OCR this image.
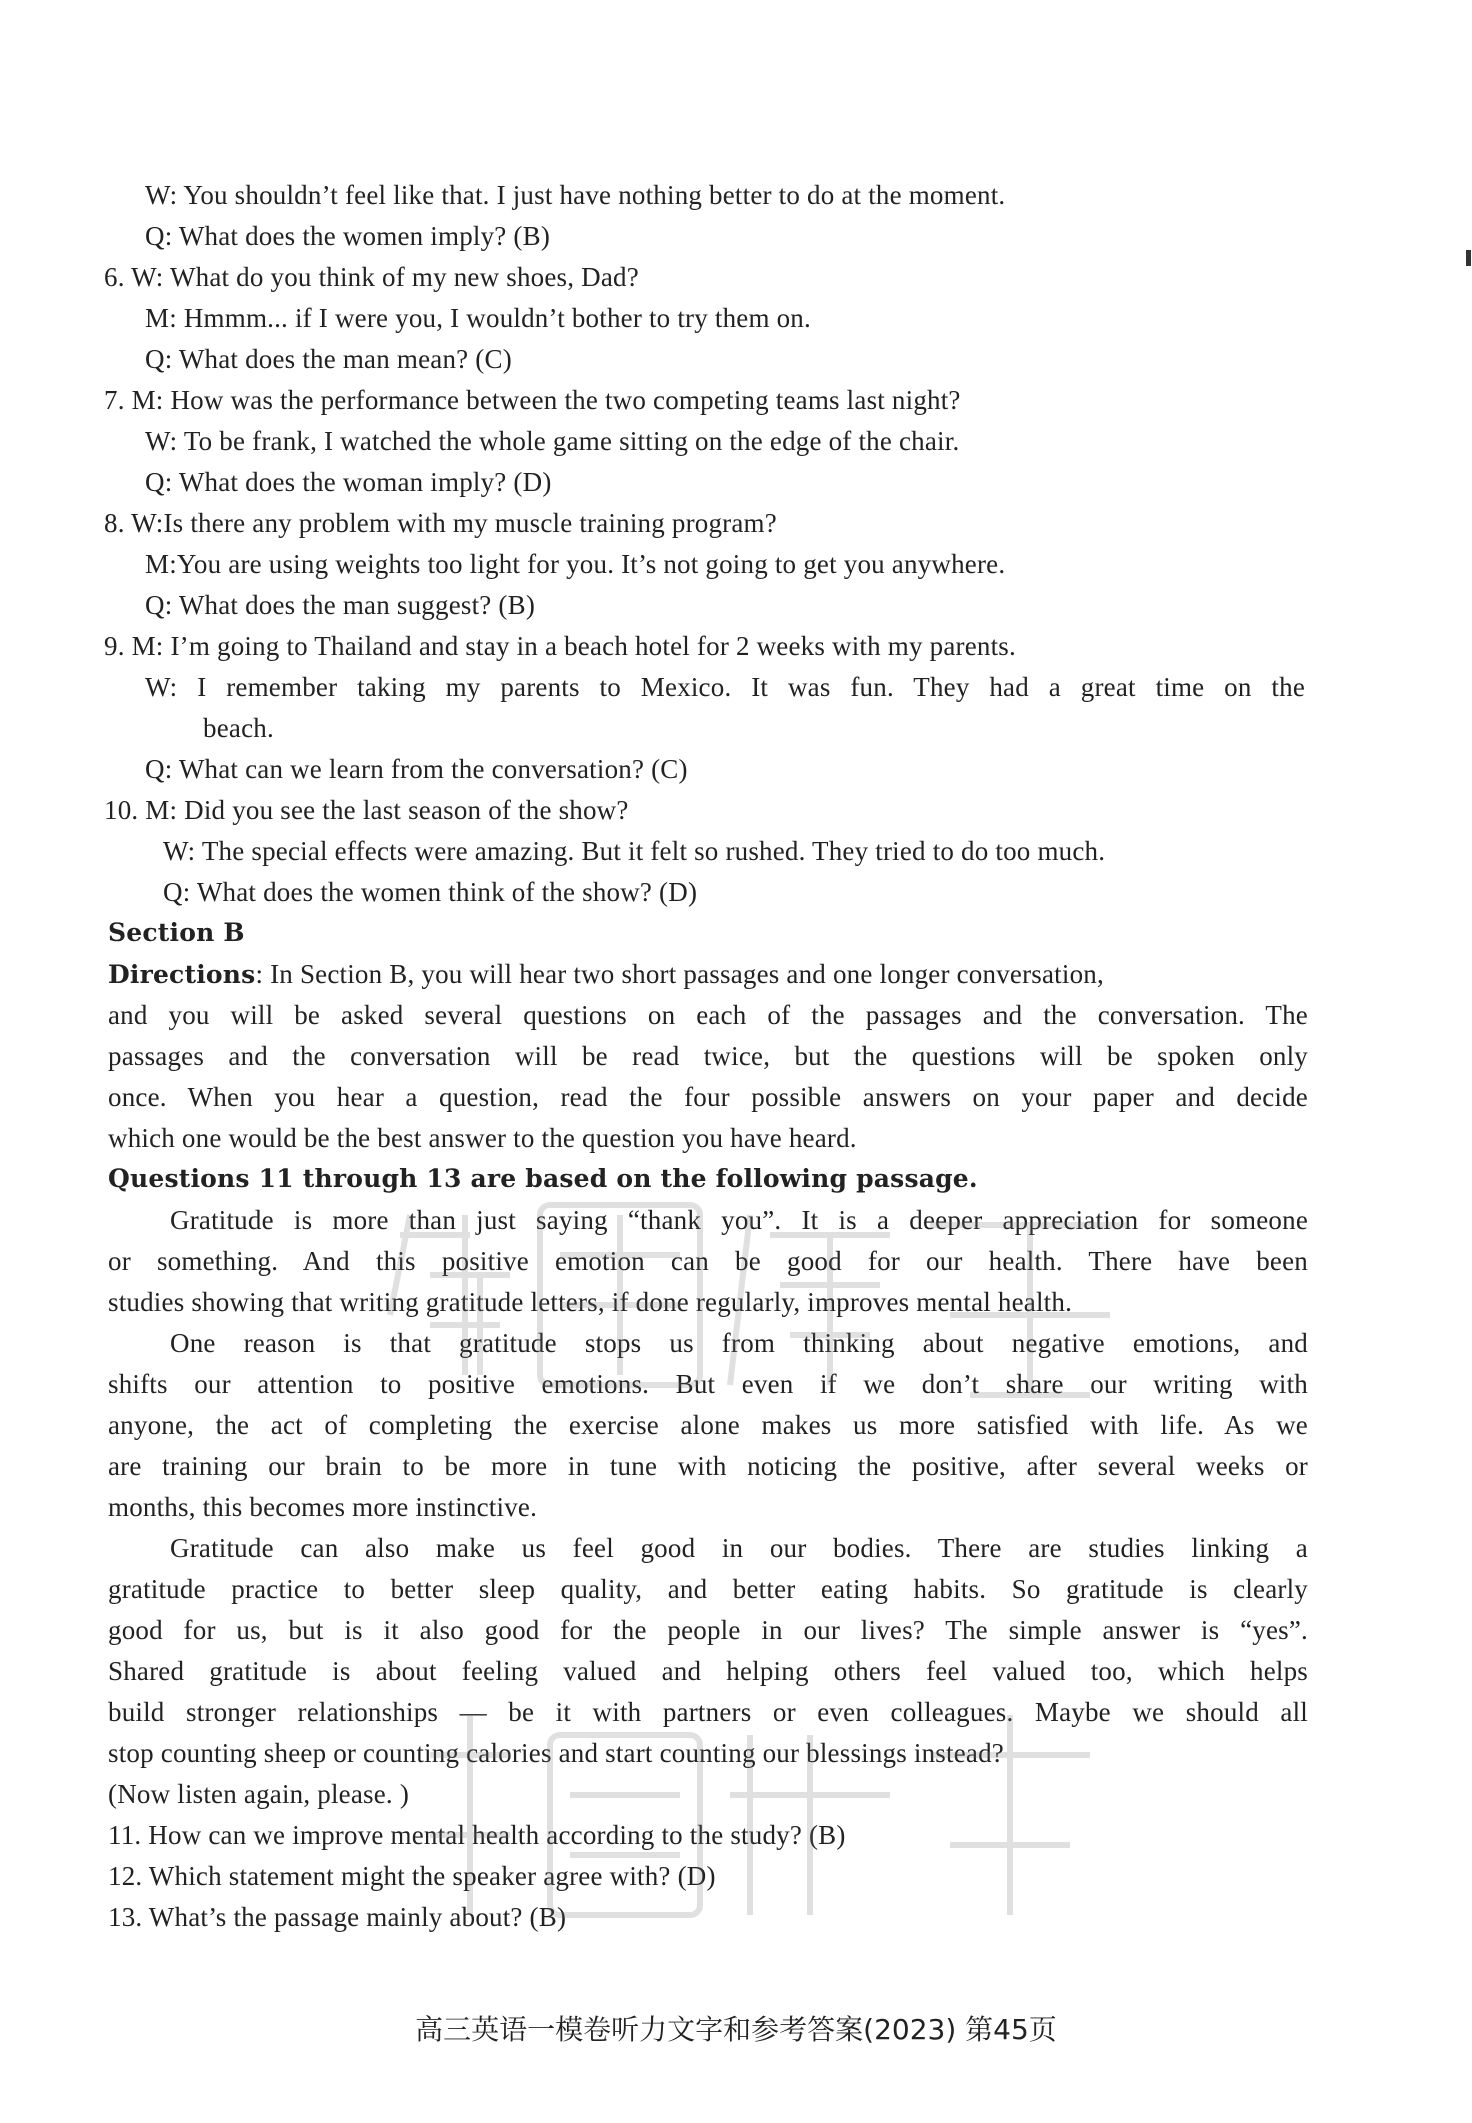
W: You shouldn’t feel like that. I just have nothing better to do at the moment.
Q: What does the women imply? (B)
6. W: What do you think of my new shoes, Dad?
M: Hmmm... if I were you, I wouldn’t bother to try them on.
Q: What does the man mean? (C)
7. M: How was the performance between the two competing teams last night?
W: To be frank, I watched the whole game sitting on the edge of the chair.
Q: What does the woman imply? (D)
8. W:Is there any problem with my muscle training program?
M:You are using weights too light for you. It’s not going to get you anywhere.
Q: What does the man suggest? (B)
9. M: I’m going to Thailand and stay in a beach hotel for 2 weeks with my parents.
W: I remember taking my parents to Mexico. It was fun. They had a great time on the
beach.
Q: What can we learn from the conversation? (C)
10. M: Did you see the last season of the show?
W: The special effects were amazing. But it felt so rushed. They tried to do too much.
Q: What does the women think of the show? (D)
Section B
Directions: In Section B, you will hear two short passages and one longer conversation,
and you will be asked several questions on each of the passages and the conversation. The
passages and the conversation will be read twice, but the questions will be spoken only
once. When you hear a question, read the four possible answers on your paper and decide
which one would be the best answer to the question you have heard.
Questions 11 through 13 are based on the following passage.
Gratitude is more than just saying “thank you”. It is a deeper appreciation for someone
or something. And this positive emotion can be good for our health. There have been
studies showing that writing gratitude letters, if done regularly, improves mental health.
One reason is that gratitude stops us from thinking about negative emotions, and
shifts our attention to positive emotions. But even if we don’t share our writing with
anyone, the act of completing the exercise alone makes us more satisfied with life. As we
are training our brain to be more in tune with noticing the positive, after several weeks or
months, this becomes more instinctive.
Gratitude can also make us feel good in our bodies. There are studies linking a
gratitude practice to better sleep quality, and better eating habits. So gratitude is clearly
good for us, but is it also good for the people in our lives? The simple answer is “yes”.
Shared gratitude is about feeling valued and helping others feel valued too, which helps
build stronger relationships — be it with partners or even colleagues. Maybe we should all
stop counting sheep or counting calories and start counting our blessings instead?
(Now listen again, please. )
11. How can we improve mental health according to the study? (B)
12. Which statement might the speaker agree with? (D)
13. What’s the passage mainly about? (B)
高三英语一模卷听力文字和参考答案(2023) 第45页
